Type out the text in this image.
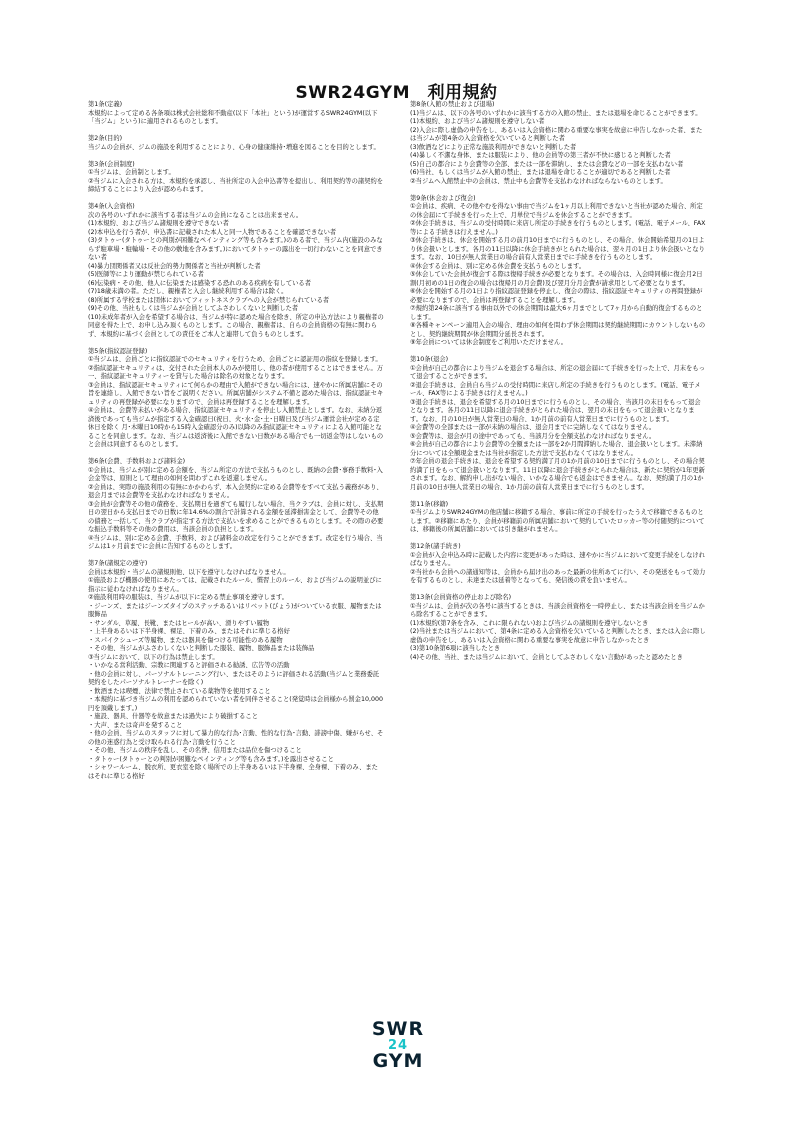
SWR24GYM　利用規約

第1条(定義)

本規約によって定める各条項は株式会社総和不動産(以下「本社」という)が運営するSWR24GYM(以下「当ジム」という)に適用されるものとします。

第2条(目的)

当ジムの会員が、ジムの施設を利用することにより、心身の健康維持･増進を図ることを目的とします。

第3条(会員制度)

①当ジムは、会員制とします。

②当ジムに入会される方は、本規約を承認し、当社所定の入会申込書等を提出し、利用契約等の諸契約を締結することにより入会が認められます。

第4条(入会資格)

次の各号のいずれかに該当する者は当ジムの会員になることは出来ません。

(1)本規約、および当ジム諸規則を遵守できない者

(2)本申込を行う者が、申込書に記載された本人と同一人物であることを確認できない者

(3)タトゥー(タトゥーとの判別が困難なペインティング等も含みます。)のある者で、当ジム内(施設のみならず駐車場・駐輪場・その他の敷地を含みます。)においてタトゥーの露出を一切行わないことを同意できない者

(4)暴力団関係者又は反社会的勢力関係者と当社が判断した者

(5)医師等により運動が禁じられている者

(6)伝染病・その他、他人に伝染または感染する恐れのある疾病を有している者

(7)18歳未満の者。ただし、親権者と入会し継続利用する場合は除く。

(8)所属する学校または団体においてフィットネスクラブへの入会が禁じられている者

(9)その他、当社もしくは当ジムが会員としてふさわしくないと判断した者

(10)未成年者が入会を希望する場合は、当ジムが特に認めた場合を除き、所定の申込方法により親権者の同意を得た上で、お申し込み頂くものとします。この場合、親権者は、自らの会員資格の有無に関わらず、本規約に基づく会員としての責任をご本人と連帯して負うものとします。

第5条(指紋認証登録)

①当ジムは、会員ごとに指紋認証でのセキュリティを行うため、会員ごとに認証用の指紋を登録します。

②指紋認証セキュリティは、交付された会員本人のみが使用し、他の者が使用することはできません。万一、指紋認証セキュリティーを貸与した場合は除名の対象となります。

③会員は、指紋認証セキュリティにて何らかの理由で入館ができない場合には、速やかに所属店舗にその旨を連絡し、入館できない旨をご説明ください。所属店舗がシステム不備と認めた場合は、指紋認証セキュリティの再登録が必要になりますので、会員は再登録することを理解します。

④会員は、会費等未払いがある場合、指紋認証セキュリティを停止し入館禁止とします。なお、未納分返済後であっても当ジムが指定する入金確認日(祝日、火･水･金･土･日曜日及び当ジム運営会社が定める定休日を除く 月･木曜日10時から15時入金確認分のみ)以降のみ指紋認証セキュリティによる入館可能となることを同意します。なお、当ジムは返済後に入館できない日数がある場合でも一切返金等はしないものと会員は同意するものとします。

第6条(会費、手数料および諸料金)

①会員は、当ジムが別に定める会額を、当ジム所定の方法で支払うものとし、既納の会費･事務手数料･入会金等は、原則として理由の如何を問わずこれを返還しません。

②会員は、実際の施設利用の有無にかかわらず、本入会契約に定める会費等をすべて支払う義務があり、退会月までは会費等を支払わなければなりません。

③会員が会費等その他の債務を、支払期日を過ぎても履行しない場合、当クラブは、会員に対し、支払期日の翌日から支払日までの日数に年14.6%の割合で計算される金額を延滞損害金として、会費等その他の債務と一括して、当クラブが指定する方法で支払いを求めることができるものとします。その際の必要な振込手数料等その他の費用は、当該会員の負担とします。

④当ジムは、別に定める会費、手数料、および諸料金の改定を行うことができます。改定を行う場合、当ジムは1ヶ月前までに会員に告知するものとします。

第7条(諸規定の遵守)

会員は本規約・当ジムの諸規則他、以下を遵守しなければなりません。

①施設および機器の使用にあたっては、記載されたルール、慣習上のルール、および当ジムの説明並びに指示に従わなければなりません。

②施設利用時の服装は、当ジムが以下に定める禁止事項を遵守します。

・ジーンズ、またはジーンズタイプのステッチあるいはリベット(びょう)がついている衣服、履物または服飾品

・サンダル、草履、長靴、またはヒールが高い、滑りやすい履物

・上半身あるいは下半身裸、裸足、下着のみ、またはそれに準じる格好

・スパイクシューズ等履物、または器具を傷つける可能性のある履物

・その他、当ジムがふさわしくないと判断した服装、履物、服飾品または装飾品

③当ジムにおいて、以下の行為は禁止します。

・いかなる営利活動、宗教に関連すると評価される勧誘、広告等の活動

・他の会員に対し、パーソナルトレーニング行い、またはそのように評価される活動(当ジムと業務委託契約をしたパーソナルトレーナーを除く)

・飲酒または喫煙、法律で禁止されている薬物等を使用すること

・本規約に基づき当ジムの利用を認められていない者を同伴させること(発覚時は会員様から罰金10,000円を頂戴します。)

・施設、器具、什器等を故意または過失により破損すること

・大声、または奇声を発すること

・他の会員、当ジムのスタッフに対して暴力的な行為･言動、性的な行為･言動、誹謗中傷、嫌がらせ、その他の迷惑行為と受け取られる行為･言動を行うこと

・その他、当ジムの秩序を乱し、その名誉、信用または品位を傷つけること

・タトゥー(タトゥーとの判別が困難なペインティング等も含みます。)を露出させること

・シャワールーム、脱衣所、更衣室を除く場所での上半身あるいは下半身裸、全身裸、下着のみ、またはそれに準じる格好

第8条(入館の禁止および退場)

(1)当ジムは、以下の各号のいずれかに該当する方の入館の禁止、または退場を命じることができます。(1)本規約、および当ジム諸規則を遵守しない者

(2)入会に際し虚偽の申告をし、あるいは入会資格に関わる重要な事実を故意に申告しなかった者、または当ジムが第4条の入会資格を欠いていると判断した者

(3)飲酒などにより正常な施設利用ができないと判断した者

(4)暴しく不潔な身体、または服装により、他の会員等の第三者が不快に感じると判断した者

(5)自己の都合により会費等の全部、または一部を滞納し、または会費などの一部を支払わない者

(6)当社、もしくは当ジムが入館の禁止、または退場を命じることが適切であると判断した者

②当ジムへ入館禁止中の会員は、禁止中も会費等を支払わなければならないものとします。

第9条(休会および復会)

①会員は、疾病、その他やむを得ない事由で当ジムを1ヶ月以上利用できないと当社が認めた場合、所定の休会届にて手続きを行った上で、月単位で当ジムを休会することができます。

②休会手続きは、当ジムの受付時間に来店し所定の手続きを行うものとします。(電話、電子メール、FAX等による手続きは行えません。)

③休会手続きは、休会を開始する月の前月10日までに行うものとし、その場合、休会開始希望月の1日より休会扱いとします。各月の11日以降に休会手続きがとられた場合は、翌々月の1日より休会扱いとなります。なお、10日が無人営業日の場合前有人営業日までに手続きを行うものとします。

④休会する会員は、別に定める休会費を支払うものとします。

⑤休会していた会員が復会する際は復帰手続きが必要となります。その場合は、入会時同様に復会月2日割(月初めの1日の復会の場合は復帰月の月会費)及び翌月分月会費が請求用として必要となります。

⑥休会を開始する月の1日より指紋認証登録を停止し、復会の際は、指紋認証セキュリティの再問登録が必要になりますので、会員は再登録することを理解します。

⑦規約第24条に該当する事由以外での休会期間は最大6ヶ月までとして7ヶ月から自動的復会するものとします。

⑧各種キャンペーン適用入会の場合、理由の如何を問わず休会期間は契約継続期間にカウントしないものとし、契約継続期間が休会期間分延長されます。

⑨年会員については休会制度をご利用いただけません。

第10条(退会)

①会員が自己の都合により当ジムを退会する場合は、所定の退会届にて手続きを行った上で、月末をもって退会することができます。

②退会手続きは、会員自ら当ジムの受付時間に来店し所定の手続きを行うものとします。(電話、電子メール、FAX等による手続きは行えません。)

③退会手続きは、退会を希望する月の10日までに行うものとし、その場合、当該月の末日をもって退会となります。各月の11日以降に退会手続きがとられた場合は、翌月の末日をもって退会扱いとなります。なお、月の10日が無人営業日の場合、1か月前の前有人営業日までに行うものとします。

④会費等の全部または一部が未納の場合は、退会月までに完納しなくてはなりません。

⑤会費等は、退会が月の途中であっても、当該月分を全額支払わなければなりません。

⑥会員が自己の都合により会費等の全額または一部を2か月間滞納した場合、退会扱いとします。未滞納分については全額現金または当社が指定した方法で支払わなくてはなりません。

⑦年会員の退会手続きは、退会を希望する契約満了月の1か月前の10日までに行うものとし、その場合契約満了日をもって退会扱いとなります。11日以降に退会手続きがとられた場合は、新たに契約が1年更新されます。なお、解約申し出がない場合、いかなる場合でも返金はできません。なお、契約満了月の1か月前の10日が無人営業日の場合、1か月前の前有人営業日までに行うものとします。

第11条(移籍)

①当ジムよりSWR24GYMの他店舗に移籍する場合、事前に所定の手続を行ったうえで移籍できるものとします。②移籍にあたり、会員が移籍前の所属店舗において契約していたロッカー等の付随契約については、移籍後の所属店舗においては引き継がれません。

第12条(諸手続き)

①会員が入会申込み時に記載した内容に変更があった時は、速やかに当ジムにおいて変更手続をしなければなりません。

②当社から会員への諸通知等は、会員から届け出のあった最新の住所あてに行い、その発送をもって効力を有するものとし、未達または延着等となっても、発信後の責を負いません。

第13条(会員資格の停止および除名)

①当ジムは、会員が次の各号に該当するときは、当該会員資格を一時停止し、または当該会員を当ジムから除名することができます。

(1)本規約(第7条を含み、これに限られない)および当ジムの諸規則を遵守しないとき

(2)当社または当ジムにおいて、第4条に定める入会資格を欠いていると判断したとき、または入会に際し虚偽の申告をし、あるいは入会資格に関わる重要な事実を故意に申告しなかったとき

(3)第10条第6項に該当したとき

(4)その他、当社、または当ジムにおいて、会員としてふさわしくない言動があったと認めたとき

SWR
24
GYM
